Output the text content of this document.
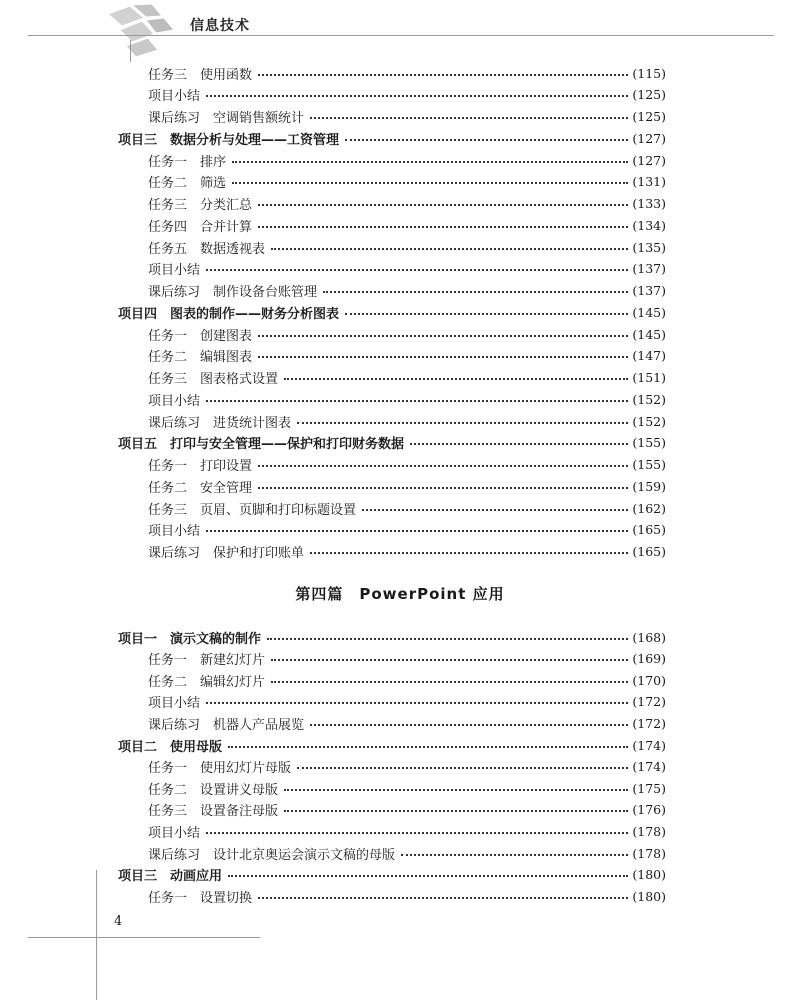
信息技术
任务三　使用函数	(115)
项目小结	(125)
课后练习　空调销售额统计	(125)
项目三　数据分析与处理——工资管理	(127)
任务一　排序	(127)
任务二　筛选	(131)
任务三　分类汇总	(133)
任务四　合并计算	(134)
任务五　数据透视表	(135)
项目小结	(137)
课后练习　制作设备台账管理	(137)
项目四　图表的制作——财务分析图表	(145)
任务一　创建图表	(145)
任务二　编辑图表	(147)
任务三　图表格式设置	(151)
项目小结	(152)
课后练习　进货统计图表	(152)
项目五　打印与安全管理——保护和打印财务数据	(155)
任务一　打印设置	(155)
任务二　安全管理	(159)
任务三　页眉、页脚和打印标题设置	(162)
项目小结	(165)
课后练习　保护和打印账单	(165)
第四篇　PowerPoint 应用
项目一　演示文稿的制作	(168)
任务一　新建幻灯片	(169)
任务二　编辑幻灯片	(170)
项目小结	(172)
课后练习　机器人产品展览	(172)
项目二　使用母版	(174)
任务一　使用幻灯片母版	(174)
任务二　设置讲义母版	(175)
任务三　设置备注母版	(176)
项目小结	(178)
课后练习　设计北京奥运会演示文稿的母版	(178)
项目三　动画应用	(180)
任务一　设置切换	(180)
4
